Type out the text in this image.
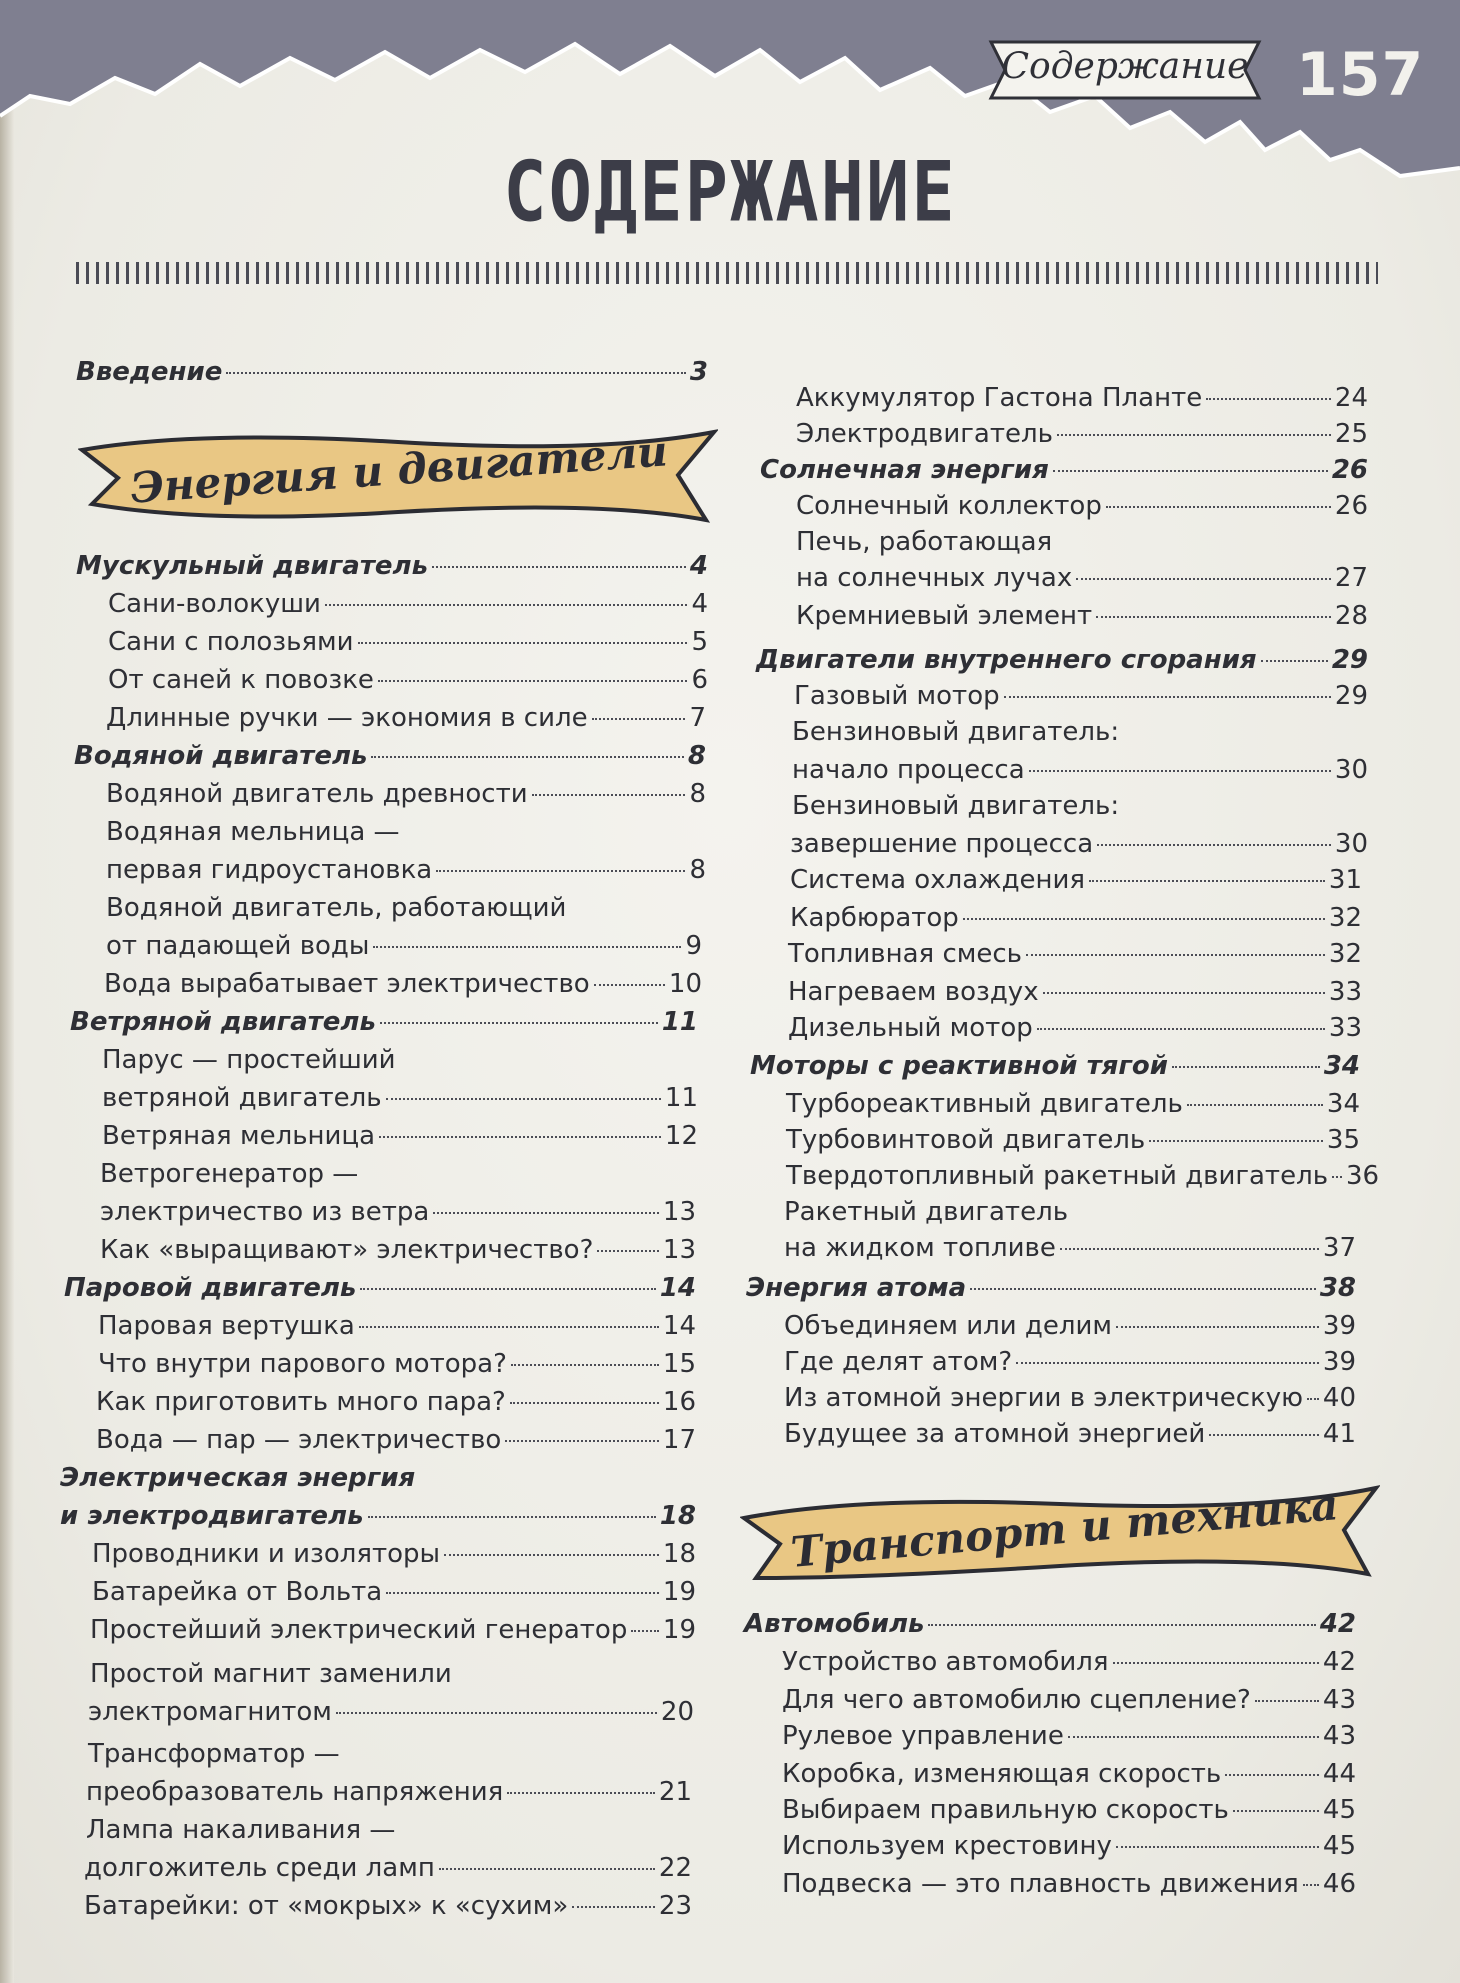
Содержание 157
СОДЕРЖАНИЕ
Энергия и двигатели
Транспорт и техника
Введение	3
Мускульный двигатель	4
Сани-волокуши	4
Сани с полозьями	5
От саней к повозке	6
Длинные ручки — экономия в силе	7
Водяной двигатель	8
Водяной двигатель древности	8
Водяная мельница —
первая гидроустановка	8
Водяной двигатель, работающий
от падающей воды	9
Вода вырабатывает электричество	10
Ветряной двигатель	11
Парус — простейший
ветряной двигатель	11
Ветряная мельница	12
Ветрогенератор —
электричество из ветра	13
Как «выращивают» электричество?	13
Паровой двигатель	14
Паровая вертушка	14
Что внутри парового мотора?	15
Как приготовить много пара?	16
Вода — пар — электричество	17
Электрическая энергия
и электродвигатель	18
Проводники и изоляторы	18
Батарейка от Вольта	19
Простейший электрический генератор 19
Простой магнит заменили
электромагнитом	20
Трансформатор —
преобразователь напряжения	21
Лампа накаливания —
долгожитель среди ламп	22
Батарейки: от «мокрых» к «сухим»	23
Аккумулятор Гастона Планте	24
Электродвигатель	25
Солнечная энергия	26
Солнечный коллектор	26
Печь, работающая
на солнечных лучах	27
Кремниевый элемент	28
Двигатели внутреннего сгорания	29
Газовый мотор	29
Бензиновый двигатель:
начало процесса	30
Бензиновый двигатель:
завершение процесса	30
Система охлаждения	31
Карбюратор	32
Топливная смесь	32
Нагреваем воздух	33
Дизельный мотор	33
Моторы с реактивной тягой	34
Турбореактивный двигатель	34
Турбовинтовой двигатель	35
Твердотопливный ракетный двигатель 36
Ракетный двигатель
на жидком топливе	37
Энергия атома	38
Объединяем или делим	39
Где делят атом?	39
Из атомной энергии в электрическую 40
Будущее за атомной энергией	41
Автомобиль	42
Устройство автомобиля	42
Для чего автомобилю сцепление?	43
Рулевое управление	43
Коробка, изменяющая скорость	44
Выбираем правильную скорость	45
Используем крестовину	45
Подвеска — это плавность движения 46
